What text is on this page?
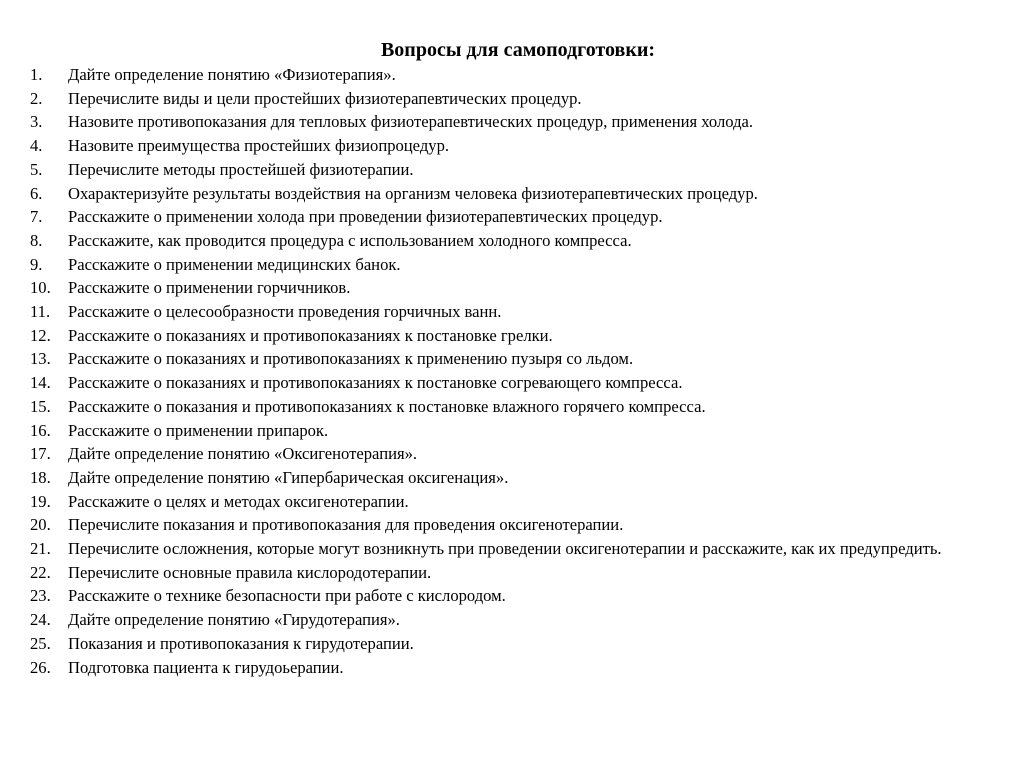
Вопросы для самоподготовки:
1.	Дайте определение понятию «Физиотерапия».
2.	Перечислите виды и цели простейших физиотерапевтических процедур.
3.	Назовите противопоказания для тепловых физиотерапевтических процедур, применения холода.
4.	Назовите преимущества простейших физиопроцедур.
5.	Перечислите методы простейшей физиотерапии.
6.	Охарактеризуйте результаты воздействия на организм человека физиотерапевтических процедур.
7.	Расскажите о применении холода при проведении физиотерапевтических процедур.
8.	Расскажите, как проводится процедура с использованием холодного компресса.
9.	Расскажите о применении медицинских банок.
10.	Расскажите о применении горчичников.
11.	Расскажите о целесообразности проведения горчичных ванн.
12.	Расскажите о показаниях и противопоказаниях к постановке грелки.
13.	Расскажите о показаниях и противопоказаниях к применению пузыря со льдом.
14.	Расскажите о показаниях и противопоказаниях к постановке согревающего компресса.
15.	Расскажите о показания и противопоказаниях к постановке влажного горячего компресса.
16.	Расскажите о применении припарок.
17.	Дайте определение понятию «Оксигенотерапия».
18.	Дайте определение понятию «Гипербарическая оксигенация».
19.	Расскажите о целях и методах оксигенотерапии.
20.	Перечислите показания и противопоказания для проведения оксигенотерапии.
21.	Перечислите осложнения, которые могут возникнуть при проведении оксигенотерапии и расскажите, как их предупредить.
22.	Перечислите основные правила кислородотерапии.
23.	Расскажите о технике безопасности при работе с кислородом.
24.	Дайте определение понятию «Гирудотерапия».
25.	Показания и противопоказания к гирудотерапии.
26.	Подготовка пациента к гирудоьерапии.
